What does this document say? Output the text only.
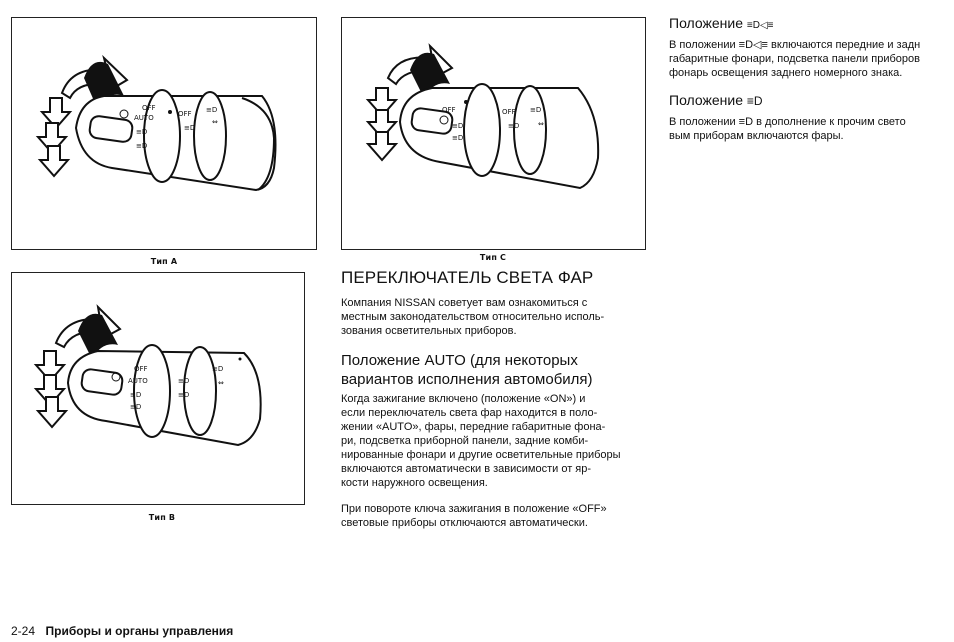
OFF
AUTO	OFF
≡D
≡D
≡D
≡D
⇔
Тип А
OFF	OFF
≡D
≡D
≡D
⇔
≡D
Тип С
OFF
AUTO
≡D
≡D
≡D
≡D
≡D
⇔
Тип В
ПЕРЕКЛЮЧАТЕЛЬ СВЕТА ФАР
Компания NISSAN советует вам ознакомиться с
местным законодательством относительно исполь-
зования осветительных приборов.
Положение AUTO (для некоторых
вариантов исполнения автомобиля)
Когда зажигание включено (положение «ON») и
если переключатель света фар находится в поло-
жении «AUTO», фары, передние габаритные фона-
ри, подсветка приборной панели, задние комби-
нированные фонари и другие осветительные приборы
включаются автоматически в зависимости от яр-
кости наружного освещения.
При повороте ключа зажигания в положение «OFF»
световые приборы отключаются автоматически.
Положение ≡D◁≡
В положении ≡D◁≡ включаются передние и задн
габаритные фонари, подсветка панели приборов
фонарь освещения заднего номерного знака.
Положение ≡D
В положении ≡D в дополнение к прочим свето
вым приборам включаются фары.
2-24 Приборы и органы управления
